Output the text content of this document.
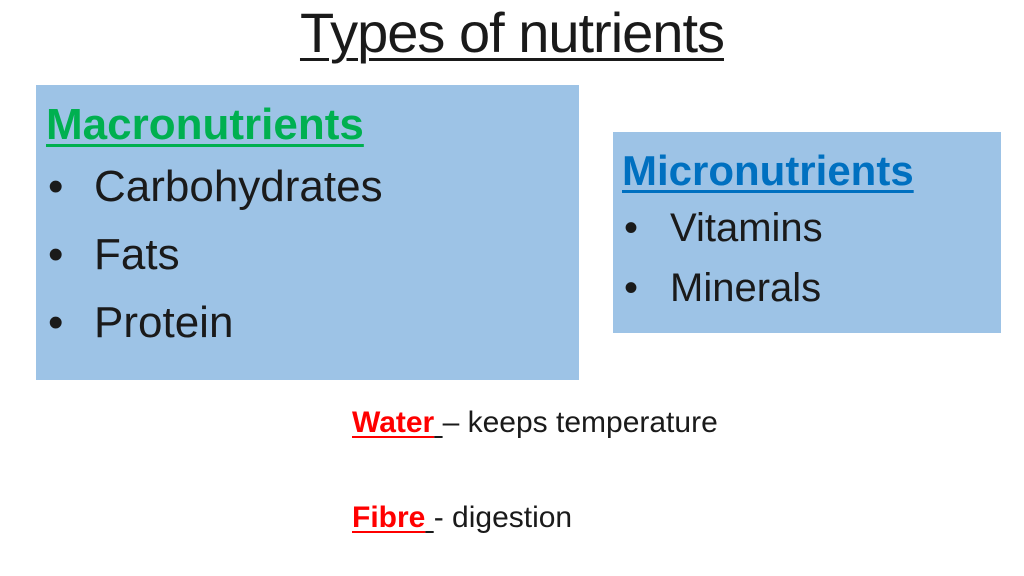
Types of nutrients
Macronutrients
• Carbohydrates
• Fats
• Protein
Micronutrients
• Vitamins
• Minerals
Water – keeps temperature
Fibre - digestion
